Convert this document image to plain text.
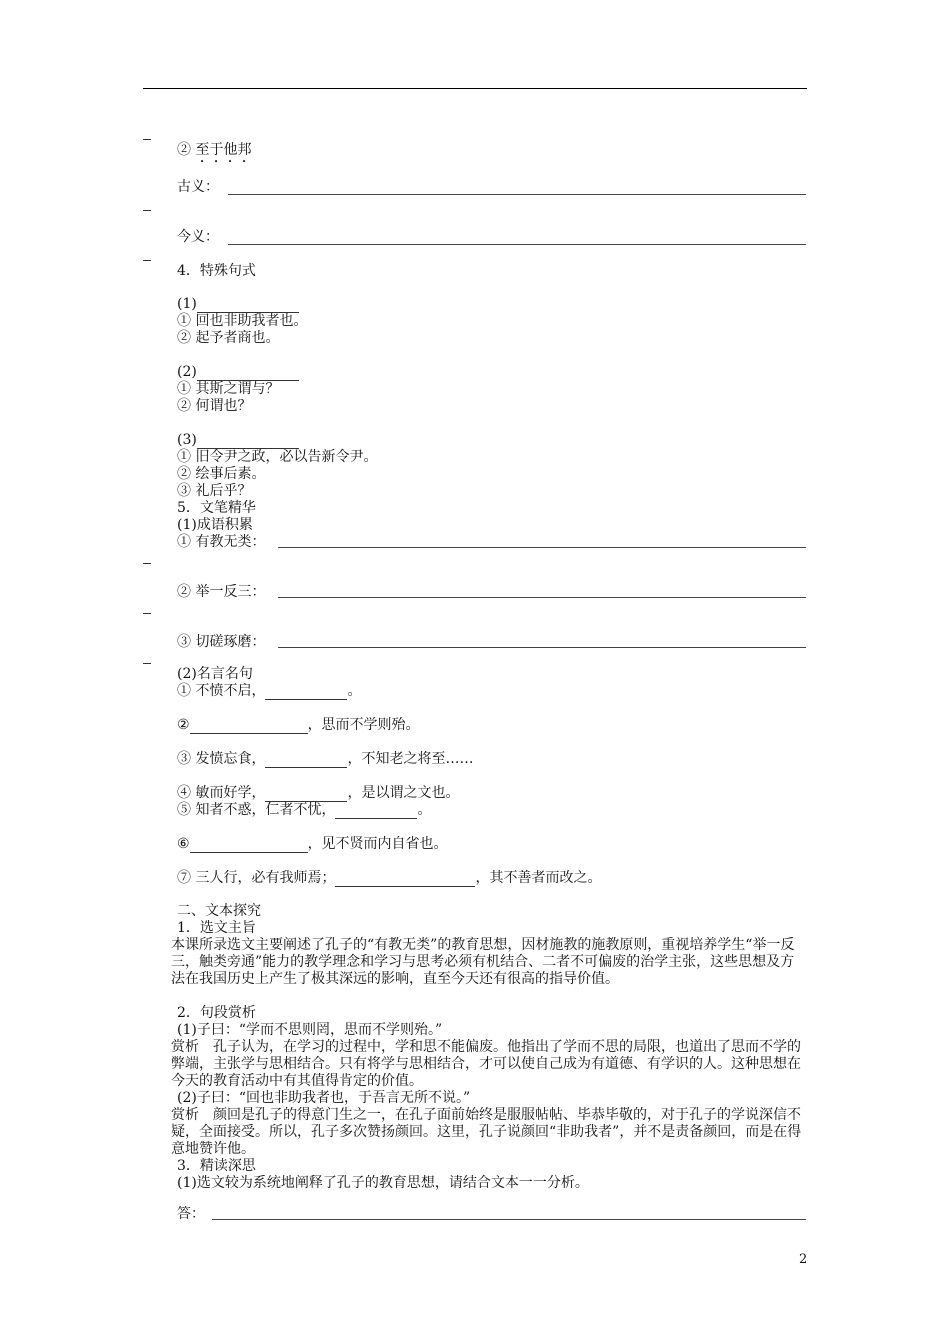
② 至于他邦
古义：
今义：
4．特殊句式
(1)
① 回也非助我者也。
② 起予者商也。
(2)
① 其斯之谓与？
② 何谓也？
(3)
① 旧令尹之政，必以告新令尹。
② 绘事后素。
③ 礼后乎？
5．文笔精华
(1)成语积累
① 有教无类：
② 举一反三：
③ 切磋琢磨：
(2)名言名句
① 不愤不启，	。
②	，思而不学则殆。
③ 发愤忘食，	，不知老之将至……
④ 敏而好学，	，是以谓之文也。
⑤ 知者不惑，仁者不忧，	。
⑥	，见不贤而内自省也。
⑦ 三人行，必有我师焉；	，其不善者而改之。
二、文本探究
1．选文主旨
本课所录选文主要阐述了孔子的“有教无类”的教育思想，因材施教的施教原则，重视培养学生“举一反三，触类旁通”能力的教学理念和学习与思考必须有机结合、二者不可偏废的治学主张，这些思想及方法在我国历史上产生了极其深远的影响，直至今天还有很高的指导价值。
2．句段赏析
(1)子曰：“学而不思则罔，思而不学则殆。”
赏析　孔子认为，在学习的过程中，学和思不能偏废。他指出了学而不思的局限，也道出了思而不学的弊端，主张学与思相结合。只有将学与思相结合，才可以使自己成为有道德、有学识的人。这种思想在今天的教育活动中有其值得肯定的价值。
(2)子曰：“回也非助我者也，于吾言无所不说。”
赏析　颜回是孔子的得意门生之一，在孔子面前始终是服服帖帖、毕恭毕敬的，对于孔子的学说深信不疑，全面接受。所以，孔子多次赞扬颜回。这里，孔子说颜回“非助我者”，并不是责备颜回，而是在得意地赞许他。
3．精读深思
(1)选文较为系统地阐释了孔子的教育思想，请结合文本一一分析。
答：
2
